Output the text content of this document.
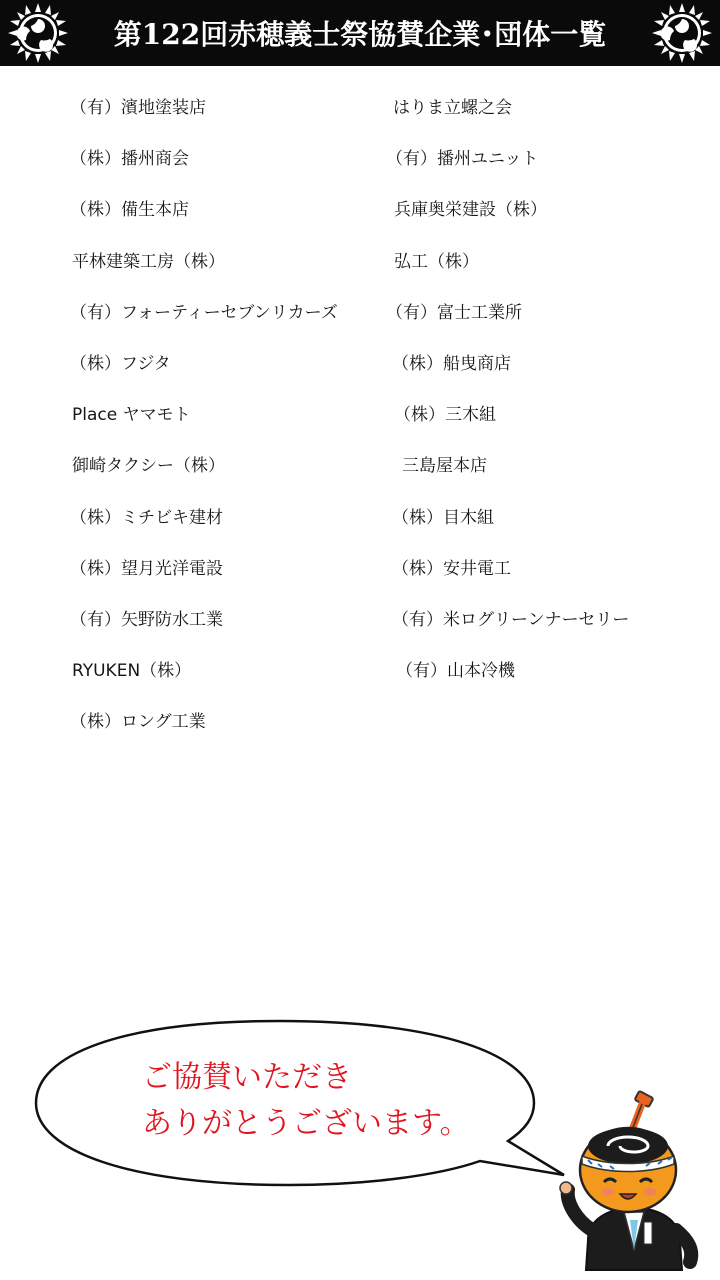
第122回赤穂義士祭協賛企業･団体一覧
（有）濱地塗装店
（株）播州商会
（株）備生本店
平林建築工房（株）
（有）フォーティーセブンリカーズ
（株）フジタ
Place ヤマモト
御崎タクシー（株）
（株）ミチビキ建材
（株）望月光洋電設
（有）矢野防水工業
RYUKEN（株）
（株）ロング工業
はりま立螺之会
（有）播州ユニット
兵庫奥栄建設（株）
弘工（株）
（有）富士工業所
（株）船曳商店
（株）三木組
三島屋本店
（株）目木組
（株）安井電工
（有）米ログリーンナーセリー
（有）山本冷機
ご協賛いただき
ありがとうございます。
